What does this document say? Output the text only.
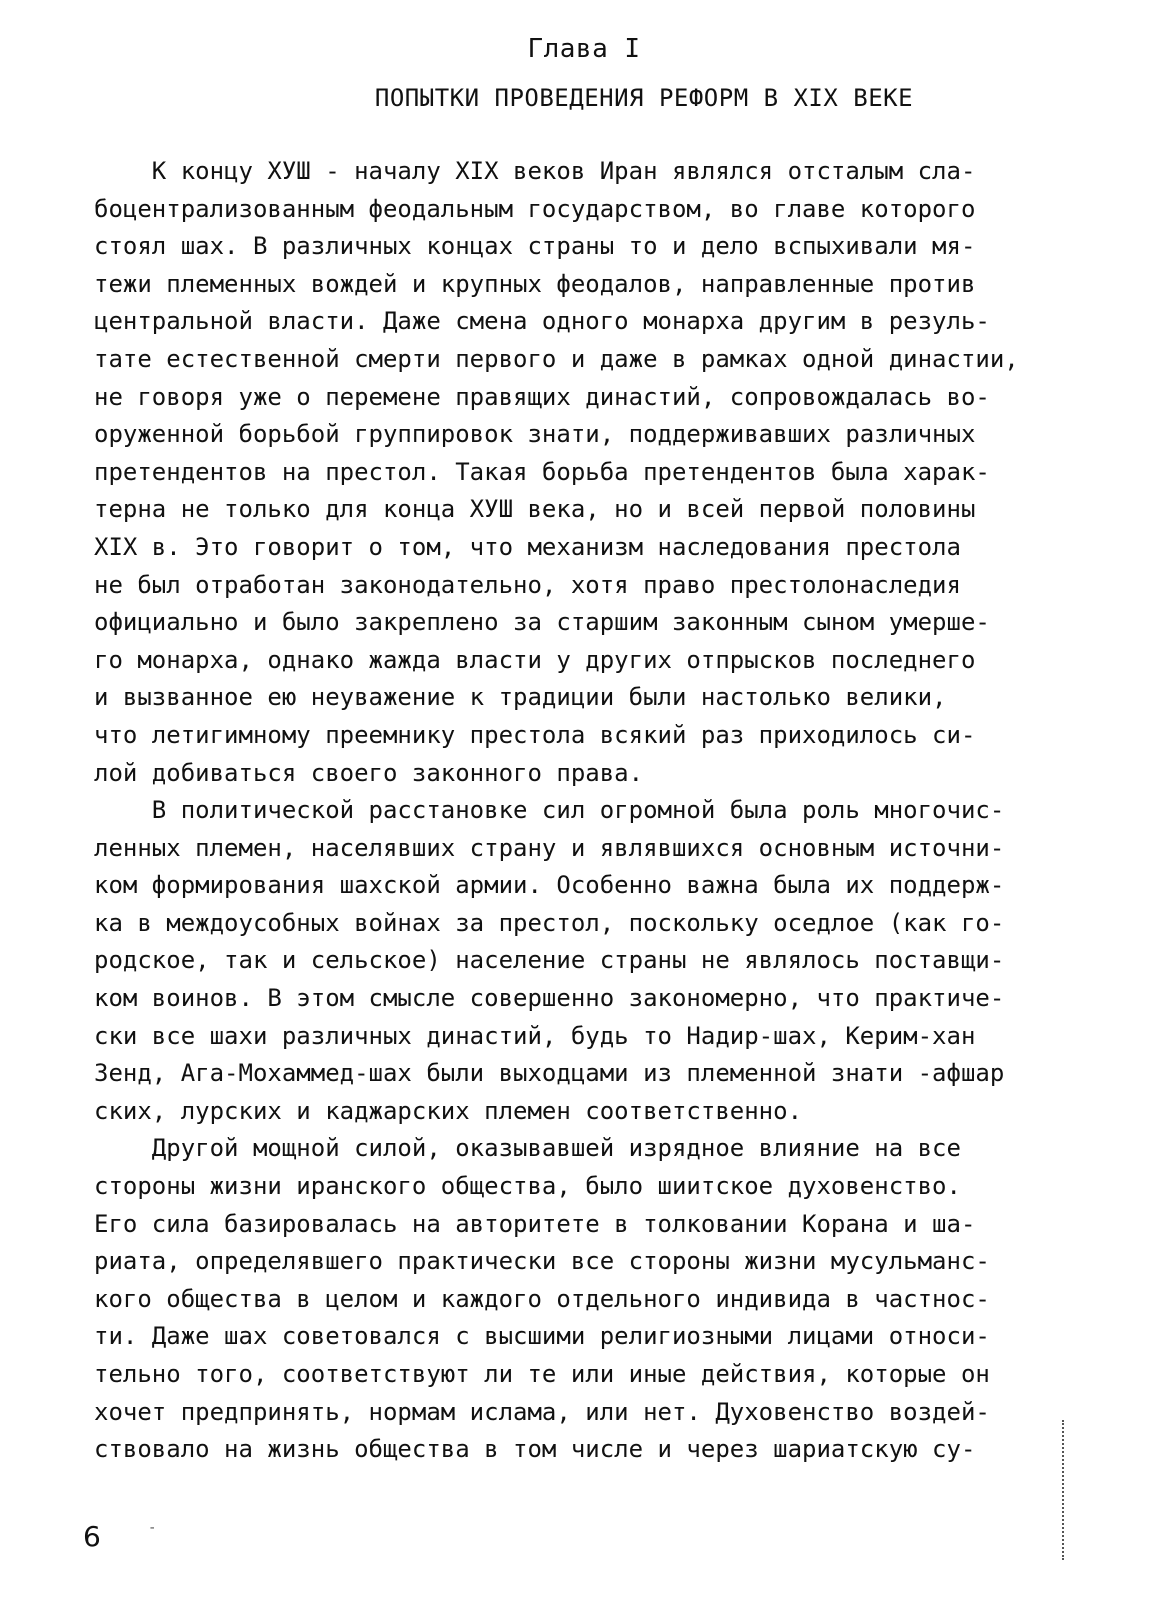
Глава I
ПОПЫТКИ ПРОВЕДЕНИЯ РЕФОРМ В XIX ВЕКЕ
К концу ХУШ - началу XIX веков Иран являлся отсталым сла-
боцентрализованным феодальным государством, во главе которого
стоял шах. В различных концах страны то и дело вспыхивали мя-
тежи племенных вождей и крупных феодалов, направленные против
центральной власти. Даже смена одного монарха другим в резуль-
тате естественной смерти первого и даже в рамках одной династии,
не говоря уже о перемене правящих династий, сопровождалась во-
оруженной борьбой группировок знати, поддерживавших различных
претендентов на престол. Такая борьба претендентов была харак-
терна не только для конца ХУШ века, но и всей первой половины
XIX в. Это говорит о том, что механизм наследования престола
не был отработан законодательно, хотя право престолонаследия
официально и было закреплено за старшим законным сыном умерше-
го монарха, однако жажда власти у других отпрысков последнего
и вызванное ею неуважение к традиции были настолько велики,
что летигимному преемнику престола всякий раз приходилось си-
лой добиваться своего законного права.
В политической расстановке сил огромной была роль многочис-
ленных племен, населявших страну и являвшихся основным источни-
ком формирования шахской армии. Особенно важна была их поддерж-
ка в междоусобных войнах за престол, поскольку оседлое (как го-
родское, так и сельское) население страны не являлось поставщи-
ком воинов. В этом смысле совершенно закономерно, что практиче-
ски все шахи различных династий, будь то Надир-шах, Керим-хан
Зенд, Ага-Мохаммед-шах были выходцами из племенной знати -афшар
ских, лурских и каджарских племен соответственно.
Другой мощной силой, оказывавшей изрядное влияние на все
стороны жизни иранского общества, было шиитское духовенство.
Его сила базировалась на авторитете в толковании Корана и ша-
риата, определявшего практически все стороны жизни мусульманс-
кого общества в целом и каждого отдельного индивида в частнос-
ти. Даже шах советовался с высшими религиозными лицами относи-
тельно того, соответствуют ли те или иные действия, которые он
хочет предпринять, нормам ислама, или нет. Духовенство воздей-
ствовало на жизнь общества в том числе и через шариатскую су-
6	-
